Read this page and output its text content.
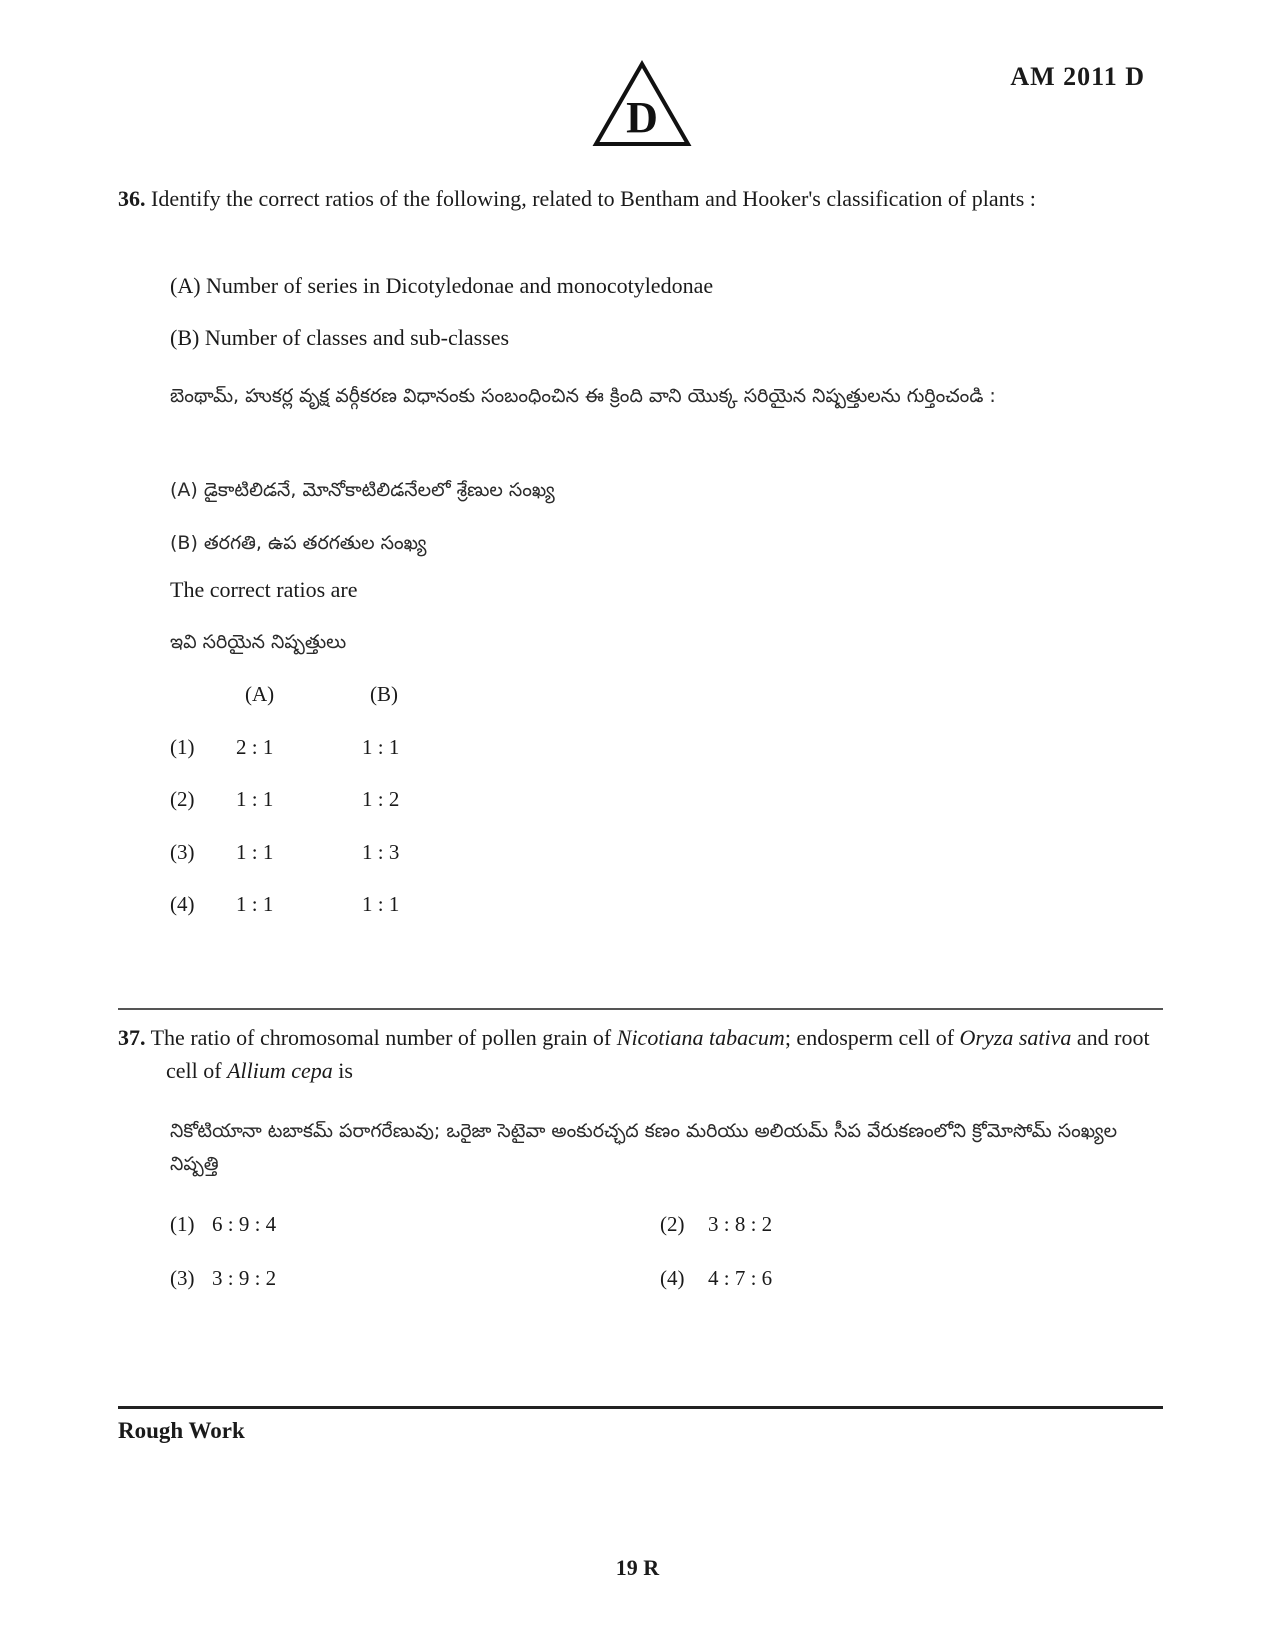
AM 2011 D
D
36. Identify the correct ratios of the following, related to Bentham and Hooker's classification of plants :
(A) Number of series in Dicotyledonae and monocotyledonae
(B) Number of classes and sub-classes
బెంథామ్, హుకర్ల వృక్ష వర్గీకరణ విధానంకు సంబంధించిన ఈ క్రింది వాని యొక్క సరియైన నిష్పత్తులను గుర్తించండి :
(A) డైకాటిలిడనే, మోనోకాటిలిడనేలలో శ్రేణుల సంఖ్య
(B) తరగతి, ఉప తరగతుల సంఖ్య
The correct ratios are
ఇవి సరియైన నిష్పత్తులు
(A)	(B)
(1) 2 : 1	1 : 1
(2) 1 : 1	1 : 2
(3) 1 : 1	1 : 3
(4) 1 : 1	1 : 1
37. The ratio of chromosomal number of pollen grain of Nicotiana tabacum; endosperm cell of Oryza sativa and root cell of Allium cepa is
నికోటియానా టబాకమ్ పరాగరేణువు; ఒరైజా సెటైవా అంకురచ్ఛద కణం మరియు అలియమ్ సీప వేరుకణంలోని క్రోమోసోమ్ సంఖ్యల నిష్పత్తి
(1) 6 : 9 : 4	(2) 3 : 8 : 2
(3) 3 : 9 : 2	(4) 4 : 7 : 6
Rough Work
19 R
